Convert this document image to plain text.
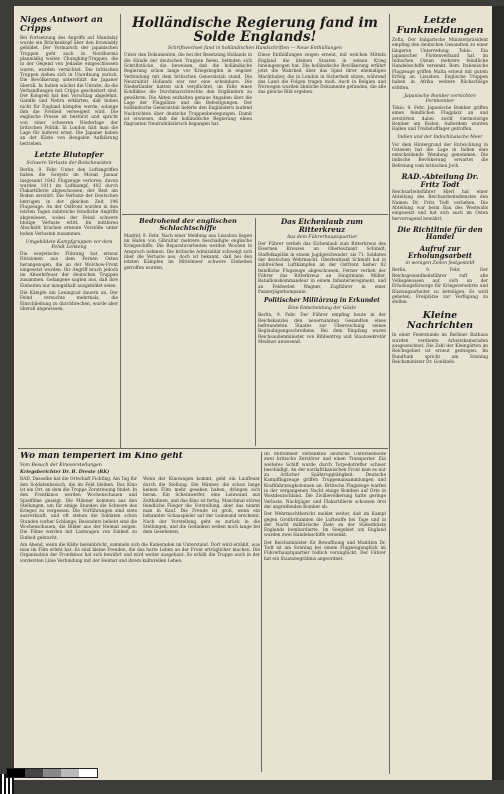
Niges Antwort an Cripps

Bei Fortsetzung des Angriffs auf Mandalay wurde ein Brückenkopf über den Irrawaddy gebildet. Der Vormarsch der japanischen Truppen geht auch in Nordburma planmäßig weiter. Chungking-Truppen, die in der Gegend von Jedashe eingeschlossen waren, wurden vernichtet. Die britischen Truppen ziehen sich in Unordnung zurück. Die Bevölkerung unterstützt die Japaner überall. In Indien wächst die Unruhe, da die Verhandlungen mit Cripps gescheitert sind. Der Kongreß hat den Vorschlag abgelehnt. Gandhi und Nehru erklärten, daß Indien nicht für England kämpfen werde, solange ihm die Freiheit verweigert wird. Die englische Presse ist bestürzt und spricht von einer schweren Niederlage der britischen Politik. In London hält man die Lage für äußerst ernst. Die Japaner haben an der Küste von Bengalen Aufklärung betrieben.

Letzte Blutopfer
Schwere Verluste der Bolschewisten

Berlin, 9. Febr. Unter den Luftangriffen haben die Sowjets im Monat Januar insgesamt 1642 Flugzeuge verloren, davon wurden 1011 im Luftkampf, 402 durch Flakartillerie abgeschossen, der Rest am Boden zerstört. Die Verluste der Deutschen betrugen in der gleichen Zeit 196 Flugzeuge. An der Ostfront wurden in den letzten Tagen zahlreiche feindliche Angriffe abgewiesen, wobei der Feind schwere blutige Verluste erlitt. Im mittleren Abschnitt brachen erneute Vorstöße unter hohen Verlusten zusammen.

Umgebildete Kampfgruppen vor dem Fehdt Lenkeng

Die sowjetische Führung hat erneut Divisionen aus dem Fernen Osten herangezogen, die an der Wolchow-Front eingesetzt wurden. Ihr Angriff brach jedoch im Abwehrfeuer der deutschen Truppen zusammen. Gefangene sagten aus, daß ihre Einheiten nur mangelhaft ausgebildet seien.

Die Kämpfe um Leningrad dauern an. Der Feind versuchte mehrmals, die Einschließung zu durchbrechen, wurde aber überall abgewiesen.

Holländische Regierung fand im Solde Englands!
Schriftwechsel fand in holländischen Handschriften — Neue Enthüllungen

Unter den Dokumenten, die bei der Besetzung Hollands in die Hände der deutschen Truppen fielen, befinden sich Schriftstücke, die beweisen, daß die holländische Regierung schon lange vor Kriegsbeginn in engster Verbindung mit dem britischen Generalstab stand. Die Neutralität Hollands war nur eine scheinbare. Die Niederländer hatten sich verpflichtet, im Falle eines Konfliktes die Durchmarschrechte den Engländern zu gewähren. Die Akten enthalten genaue Angaben über die Lage der Flugplätze und die Befestigungen. Der holländische Generalstab lieferte den Engländern laufend Nachrichten über deutsche Truppenbewegungen. Damit ist erwiesen, daß die holländische Regierung einen flagranten Neutralitätsbruch begangen hat.

Diese Enthüllungen zeigen erneut, mit welchen Mitteln England die kleinen Staaten in seinen Krieg hineingezogen hat. Die holländische Bevölkerung erfährt jetzt die Wahrheit über das Spiel ihrer ehemaligen Machthaber, die in London in Sicherheit sitzen, während das Land die Folgen tragen muß. Auch in Belgien und Norwegen wurden ähnliche Dokumente gefunden, die alle das gleiche Bild ergeben.

Bedrohend der englischen Schlachtschiffe

Madrid, 9. Febr. Nach einer Meldung aus Lissabon liegen im Hafen von Gibraltar mehrere beschädigte englische Kriegsschiffe. Die Reparaturarbeiten werden Wochen in Anspruch nehmen. Die britische Admiralität schweigt sich über die Verluste aus, doch ist bekannt, daß bei den letzten Kämpfen im Mittelmeer schwere Einheiten getroffen wurden.

Das Eichenlaub zum Ritterkreuz
Aus dem Führerhauptquartier

Der Führer verlieh das Eichenlaub zum Ritterkreuz des Eisernen Kreuzes an Oberleutnant Schmidt, Staffelkapitän in einem Jagdgeschwader, als 71. Soldaten der deutschen Wehrmacht. Oberleutnant Schmidt hat in zahlreichen Luftkämpfen an der Ostfront bisher 82 feindliche Flugzeuge abgeschossen. Ferner verlieh der Führer das Ritterkreuz an Hauptmann Müller, Bataillonskommandeur in einem Infanterieregiment, und an Feldwebel Wagner, Zugführer in einer Panzerjägerkompanie.

Politischer Militärzug in Erkundet
Eine Entscheidung der Gäste

Berlin, 9. Febr. Der Führer empfing heute in der Reichskanzlei den neuernannten Gesandten eines befreundeten Staates zur Überreichung seines Beglaubigungsschreibens. Bei dem Empfang waren Reichsaußenminister von Ribbentrop und Staatssekretär Meißner anwesend.

Letzte Funkmeldungen

Zofia. Der bulgarische Ministerpräsident empfing den deutschen Gesandten zu einer längeren Unterredung. Tokio. Ein japanischer Flottenverband hat im Indischen Ozean mehrere feindliche Handelsschiffe versenkt. Rom. Italienische Flugzeuge griffen Malta erneut mit gutem Erfolg an. Lissabon. Englische Truppen haben in Afrika weitere Rückschläge erlitten.

Japanische Bomber vernichten Fernbomber

Tokio, 9. Febr. Japanische Bomber griffen einen feindlichen Flugplatz an und zerstörten dabei zwölf viermotorige Bomber am Boden. Außerdem wurden Hallen und Treibstofflager getroffen.

Indien und der Indochinaische Meer

Vor dem Hintergrund der Entwicklung in Ostasien hat die Lage in Indien eine entscheidende Wendung genommen. Die indische Bevölkerung erwartet die Befreiung vom britischen Joch.

RAD.-Abteilung Dr. Fritz Todt

Reichsarbeitsführer Hierl hat einer Abteilung des Reichsarbeitsdienstes den Namen Dr. Fritz Todt verliehen. Die Abteilung war beim Bau des Westwalls eingesetzt und hat sich auch im Osten hervorragend bewährt.

Die Richtlinie für den Handel
Aufruf zur Erholungsarbeit
in wenigen Zeilen festgestellt

Berlin, 9. Febr. Der Reichsgesundheitsführer ruft alle Volksgenossen auf, sich an der Erholungsfürsorge für Kriegsversehrte und Rüstungsarbeiter zu beteiligen. Es wird gebeten, Freiplätze zur Verfügung zu stellen.

Kleine Nachrichten

In einer Feierstunde im Berliner Rathaus wurden verdiente Arbeitskameraden ausgezeichnet. Die Zahl der Kleingärten im Reichsgebiet ist erneut gestiegen. Im Rundfunk spricht am Sonntag Reichsminister Dr. Goebbels.

Wo man temperiert im Kino geht
Vom Besuch der Kinovorstellungen
Kriegsberichter Dr. B. Dreste (RK)

RAD. Dasselbe hat die Ortschaft Fichtlag. Am Tag für den Soldatenbesuch, die im Feld bleiben. Das Kino ist ein Ort, an dem die Truppe Zerstreuung findet. In den Frontkinos werden Wochenschauen und Spielfilme gezeigt. Die Männer kommen aus den Stellungen, um für einige Stunden die Schwere des Krieges zu vergessen. Die Vorführungen sind stets ausverkauft, und oft stehen die Soldaten schon Stunden vorher Schlange. Besonders beliebt sind die Wochenschauen, die Bilder aus der Heimat zeigen. Die Filme werden mit Lastwagen von Einheit zu Einheit gebracht.

Wenn der Kinowagen kommt, geht ein Lauffeuer durch die Stellung. Die Männer, die schon lange keinen Film mehr gesehen haben, drängen sich heran. Ein Scheinwerfer, eine Leinwand aus Zeltbahnen, und das Kino ist fertig. Manchmal stören feindliche Flieger die Vorstellung, aber das nimmt man in Kauf. Die Freude ist groß, wenn ein bekannter Schauspieler auf der Leinwand erscheint. Nach der Vorstellung geht es zurück in die Stellungen, und die Gedanken weilen noch lange bei dem Gesehenen.

Am Abend, wenn die Kälte hereinbricht, sammeln sich die Kameraden im Unterstand. Dort wird erzählt, was man im Film erlebt hat. Es sind kleine Freuden, die das harte Leben an der Front erträglicher machen. Die Organisation der Frontkinos hat sich bewährt und wird weiter ausgebaut. So erhält die Truppe auch in der vordersten Linie Verbindung mit der Heimat und ihrem kulturellen Leben.

Im Mittelmeer versenkten deutsche Unterseeboote zwei britische Zerstörer und einen Transporter. Ein weiteres Schiff wurde durch Torpedotreffer schwer beschädigt. An der nordafrikanischen Front kam es nur zu örtlicher Spähtrupptätigkeit. Deutsche Kampfflugzeuge griffen Truppenansammlungen und Kraftfahrzeugkolonnen an. Britische Flugzeuge warfen in der vergangenen Nacht einige Bomben auf Orte in Westdeutschland. Die Zivilbevölkerung hatte geringe Verluste. Nachtjäger und Flakartillerie schossen drei der angreifenden Bomber ab.

Der Wehrmachtbericht meldet weiter, daß im Kampf gegen Großbritannien die Luftwaffe bei Tage und in der Nacht militärische Ziele an der Südostküste Englands bombardierte. Im Seegebiet um England wurden zwei Handelsschiffe versenkt.

Der Reichsminister für Bewaffnung und Munition Dr. Todt ist am Sonntag bei einem Flugzeugunglück im Führerhauptquartier tödlich verunglückt. Der Führer hat ein Staatsbegräbnis angeordnet.
